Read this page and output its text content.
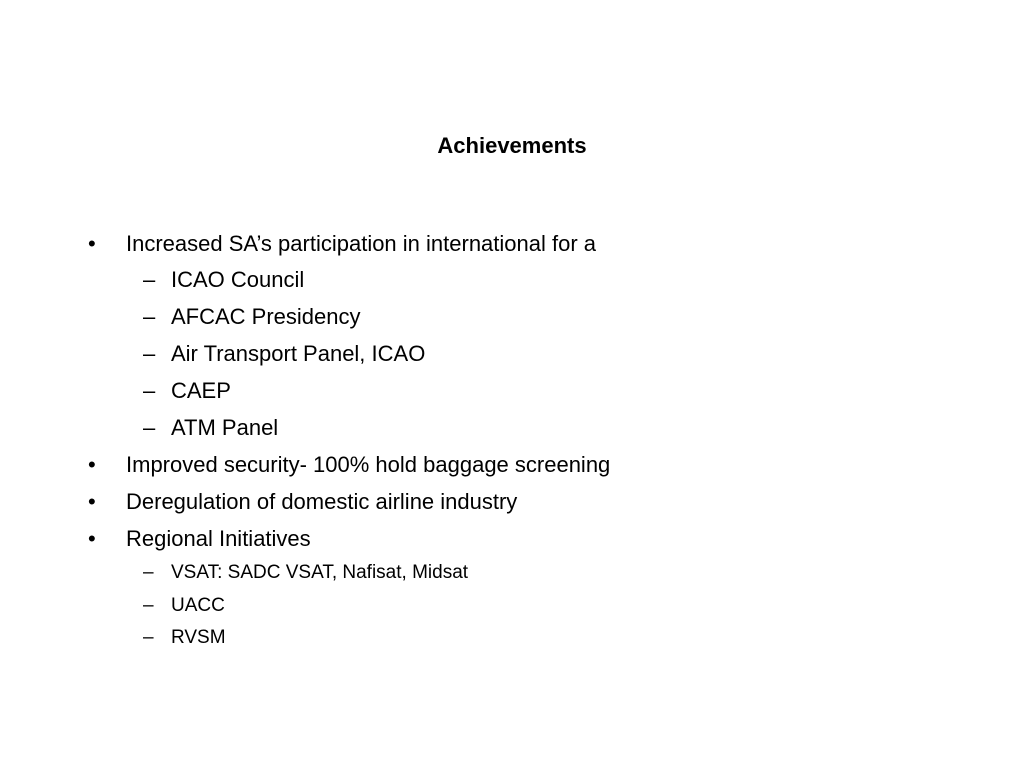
Achievements
• Increased SA’s participation in international for a
– ICAO Council
– AFCAC Presidency
– Air Transport Panel, ICAO
– CAEP
– ATM Panel
• Improved security- 100% hold baggage screening
• Deregulation of domestic airline industry
• Regional Initiatives
– VSAT: SADC VSAT, Nafisat, Midsat
– UACC
– RVSM
